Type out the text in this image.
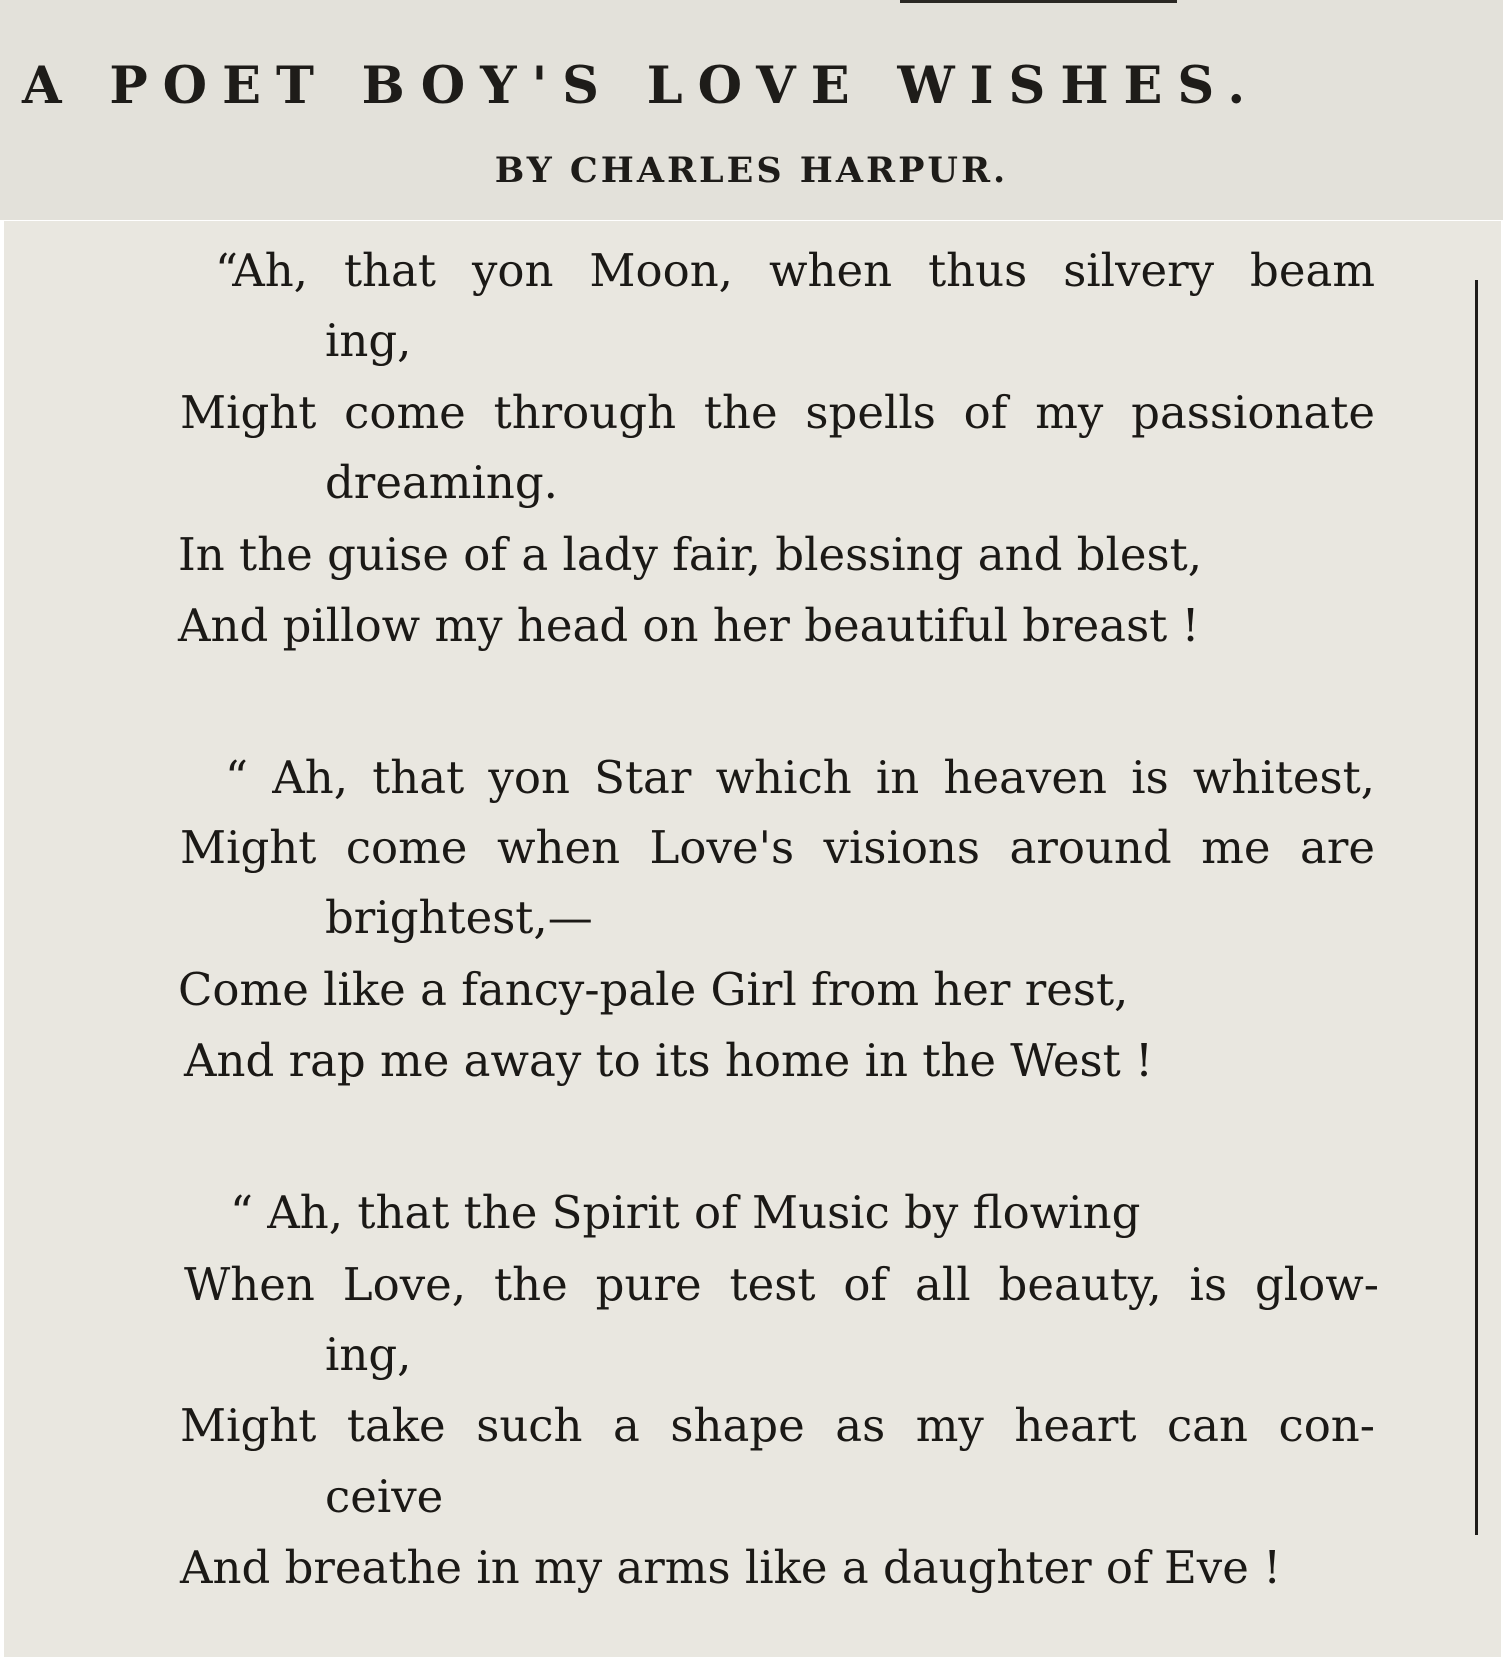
A POET BOY'S LOVE WISHES.

BY CHARLES HARPUR.

“Ah, that yon Moon, when thus silvery beam
ing,
Might come through the spells of my passionate
dreaming.
In the guise of a lady fair, blessing and blest,
And pillow my head on her beautiful breast !
“ Ah, that yon Star which in heaven is whitest,
Might come when Love's visions around me are
brightest,—
Come like a fancy-pale Girl from her rest,
And rap me away to its home in the West !
“ Ah, that the Spirit of Music by flowing
When Love, the pure test of all beauty, is glow-
ing,
Might take such a shape as my heart can con-
ceive
And breathe in my arms like a daughter of Eve !
